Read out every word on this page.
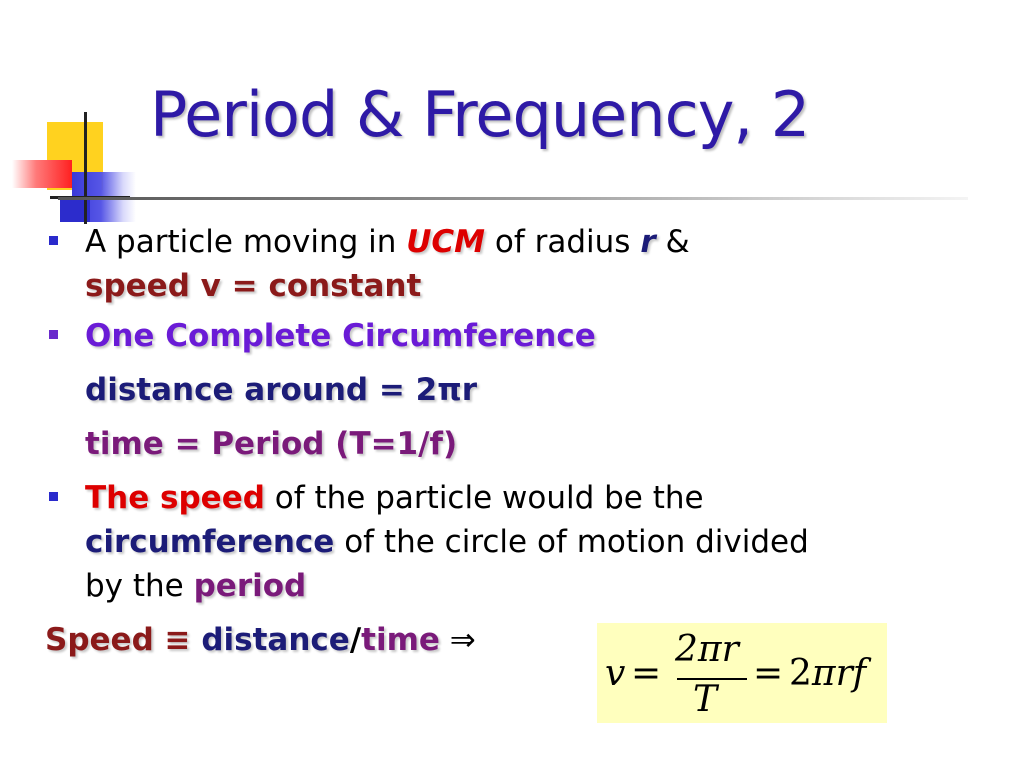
Period & Frequency, 2
A particle moving in UCM of radius r &
speed v = constant
One Complete Circumference
distance around = 2πr
time = Period (T=1/f)
The speed of the particle would be the
circumference of the circle of motion divided
by the period
Speed ≡ distance/time ⇒
v =
2πr
T
= 2πrf
